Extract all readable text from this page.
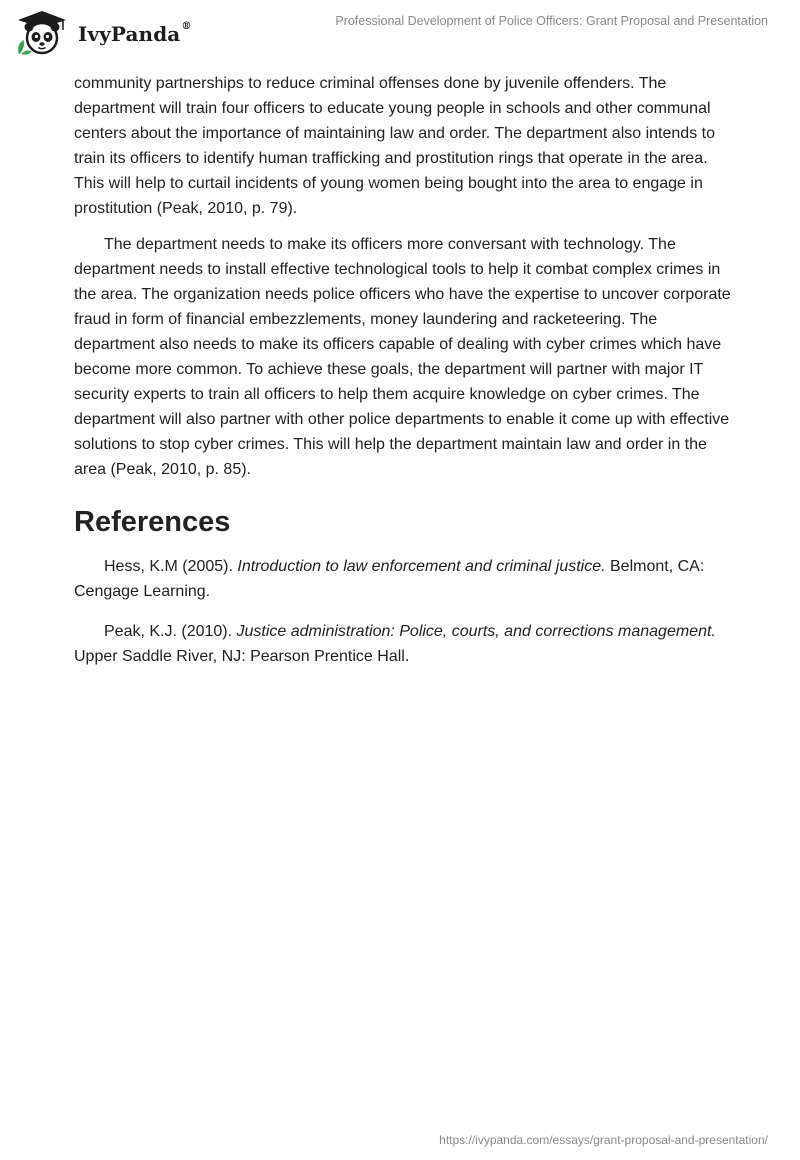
IvyPanda®	Professional Development of Police Officers: Grant Proposal and Presentation

community partnerships to reduce criminal offenses done by juvenile offenders. The department will train four officers to educate young people in schools and other communal centers about the importance of maintaining law and order. The department also intends to train its officers to identify human trafficking and prostitution rings that operate in the area. This will help to curtail incidents of young women being bought into the area to engage in prostitution (Peak, 2010, p. 79).

The department needs to make its officers more conversant with technology. The department needs to install effective technological tools to help it combat complex crimes in the area. The organization needs police officers who have the expertise to uncover corporate fraud in form of financial embezzlements, money laundering and racketeering. The department also needs to make its officers capable of dealing with cyber crimes which have become more common. To achieve these goals, the department will partner with major IT security experts to train all officers to help them acquire knowledge on cyber crimes. The department will also partner with other police departments to enable it come up with effective solutions to stop cyber crimes. This will help the department maintain law and order in the area (Peak, 2010, p. 85).

References

Hess, K.M (2005). Introduction to law enforcement and criminal justice. Belmont, CA: Cengage Learning.

Peak, K.J. (2010). Justice administration: Police, courts, and corrections management. Upper Saddle River, NJ: Pearson Prentice Hall.

https://ivypanda.com/essays/grant-proposal-and-presentation/
